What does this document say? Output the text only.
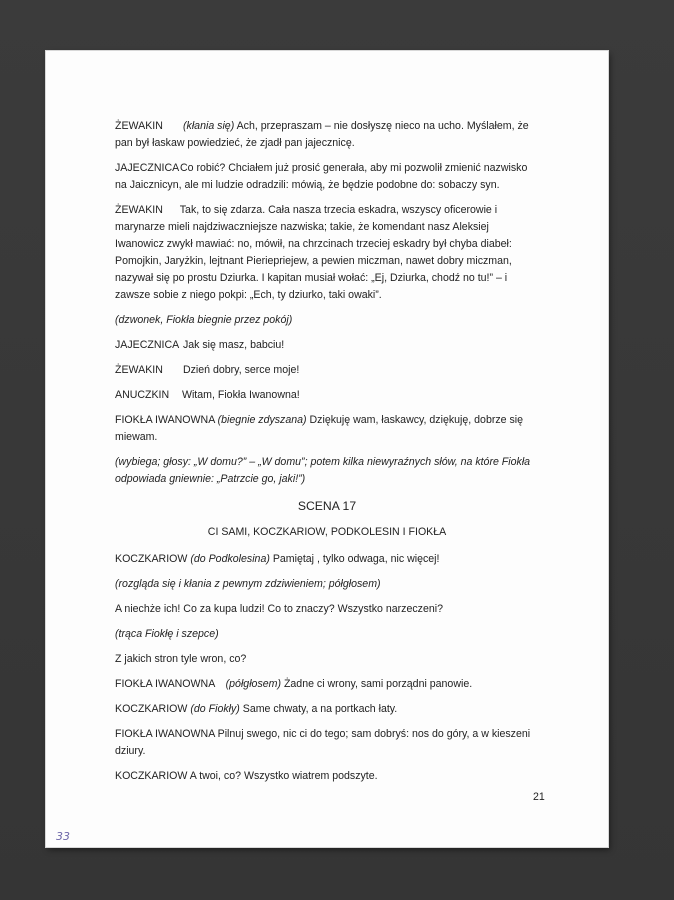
ŻEWAKIN (kłania się) Ach, przepraszam – nie dosłyszę nieco na ucho. Myślałem, że pan był łaskaw powiedzieć, że zjadł pan jajecznicę.

JAJECZNICA Co robić? Chciałem już prosić generała, aby mi pozwolił zmienić nazwisko na Jaicznicyn, ale mi ludzie odradzili: mówią, że będzie podobne do: sobaczy syn.

ŻEWAKIN Tak, to się zdarza. Cała nasza trzecia eskadra, wszyscy oficerowie i marynarze mieli najdziwaczniejsze nazwiska; takie, że komendant nasz Aleksiej Iwanowicz zwykł mawiać: no, mówił, na chrzcinach trzeciej eskadry był chyba diabeł: Pomojkin, Jaryżkin, lejtnant Pieriepriejew, a pewien miczman, nawet dobry miczman, nazywał się po prostu Dziurka. I kapitan musiał wołać: „Ej, Dziurka, chodź no tu!” – i zawsze sobie z niego pokpi: „Ech, ty dziurko, taki owaki”.

(dzwonek, Fiokła biegnie przez pokój)

JAJECZNICA Jak się masz, babciu!

ŻEWAKIN Dzień dobry, serce moje!

ANUCZKIN Witam, Fiokła Iwanowna!

FIOKŁA IWANOWNA (biegnie zdyszana) Dziękuję wam, łaskawcy, dziękuję, dobrze się miewam.

(wybiega; głosy: „W domu?” – „W domu”; potem kilka niewyraźnych słów, na które Fiokła odpowiada gniewnie: „Patrzcie go, jaki!”)

SCENA 17

CI SAMI, KOCZKARIOW, PODKOLESIN I FIOKŁA

KOCZKARIOW (do Podkolesina) Pamiętaj , tylko odwaga, nic więcej!

(rozgląda się i kłania z pewnym zdziwieniem; półgłosem)

A niechże ich! Co za kupa ludzi! Co to znaczy? Wszystko narzeczeni?

(trąca Fiokłę i szepce)

Z jakich stron tyle wron, co?

FIOKŁA IWANOWNA (półgłosem) Żadne ci wrony, sami porządni panowie.

KOCZKARIOW (do Fiokły) Same chwaty, a na portkach łaty.

FIOKŁA IWANOWNA Pilnuj swego, nic ci do tego; sam dobryś: nos do góry, a w kieszeni dziury.

KOCZKARIOW A twoi, co? Wszystko wiatrem podszyte.

21
33
